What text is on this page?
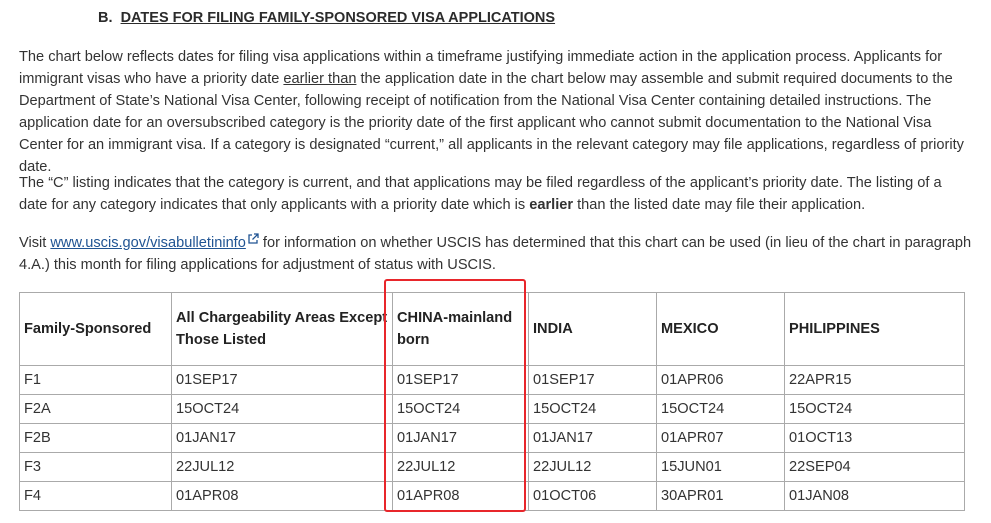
B. DATES FOR FILING FAMILY-SPONSORED VISA APPLICATIONS

The chart below reflects dates for filing visa applications within a timeframe justifying immediate action in the application process. Applicants for immigrant visas who have a priority date earlier than the application date in the chart below may assemble and submit required documents to the Department of State’s National Visa Center, following receipt of notification from the National Visa Center containing detailed instructions. The application date for an oversubscribed category is the priority date of the first applicant who cannot submit documentation to the National Visa Center for an immigrant visa. If a category is designated “current,” all applicants in the relevant category may file applications, regardless of priority date.

The “C” listing indicates that the category is current, and that applications may be filed regardless of the applicant’s priority date. The listing of a date for any category indicates that only applicants with a priority date which is earlier than the listed date may file their application.

Visit www.uscis.gov/visabulletininfo for information on whether USCIS has determined that this chart can be used (in lieu of the chart in paragraph 4.A.) this month for filing applications for adjustment of status with USCIS.

Family-Sponsored	All Chargeability Areas Except Those Listed	CHINA-mainland born	INDIA	MEXICO	PHILIPPINES
F1	01SEP17	01SEP17	01SEP17	01APR06	22APR15
F2A	15OCT24	15OCT24	15OCT24	15OCT24	15OCT24
F2B	01JAN17	01JAN17	01JAN17	01APR07	01OCT13
F3	22JUL12	22JUL12	22JUL12	15JUN01	22SEP04
F4	01APR08	01APR08	01OCT06	30APR01	01JAN08
